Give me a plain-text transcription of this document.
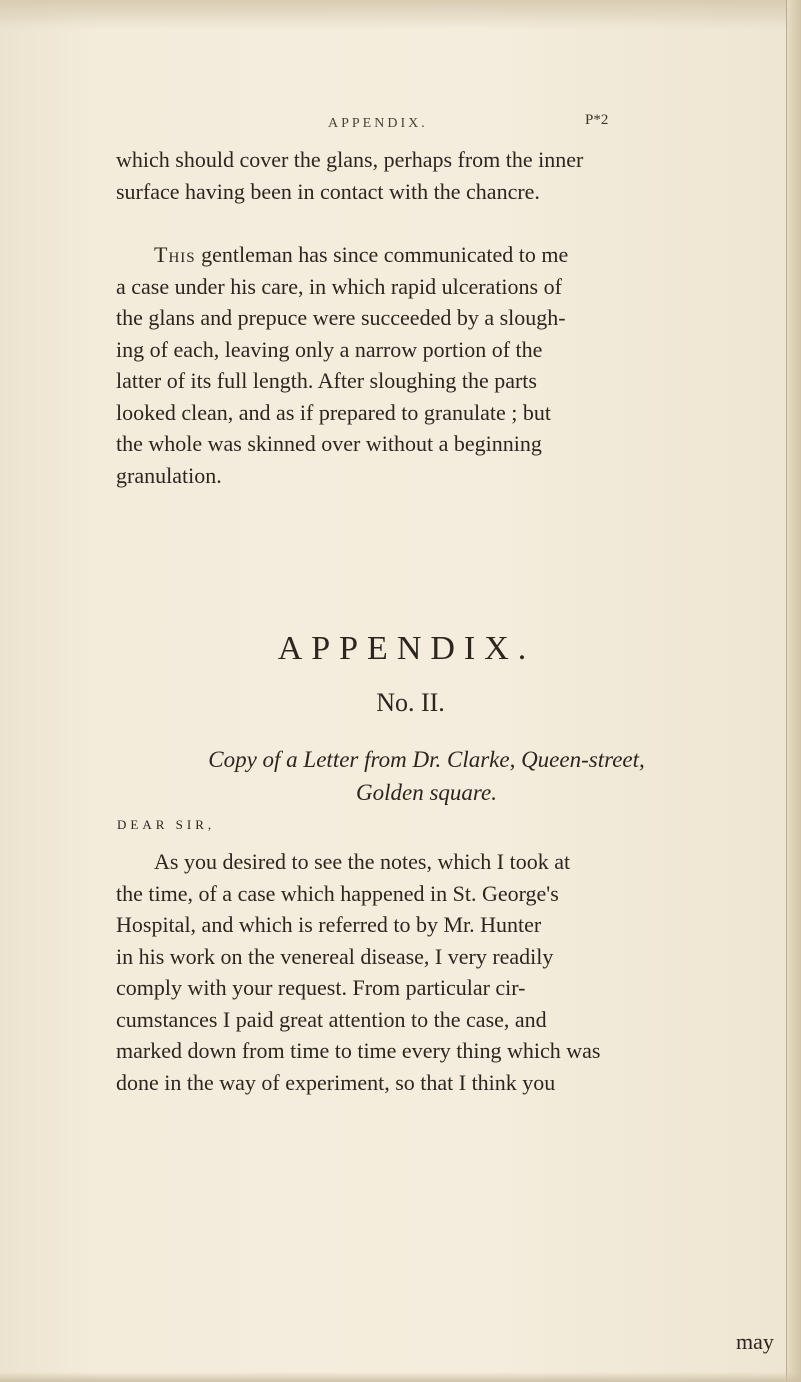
APPENDIX.	P*2
which should cover the glans, perhaps from the inner
surface having been in contact with the chancre.
This gentleman has since communicated to me
a case under his care, in which rapid ulcerations of
the glans and prepuce were succeeded by a slough-
ing of each, leaving only a narrow portion of the
latter of its full length. After sloughing the parts
looked clean, and as if prepared to granulate ; but
the whole was skinned over without a beginning
granulation.
APPENDIX.
No. II.
Copy of a Letter from Dr. Clarke, Queen-street,
Golden square.
DEAR SIR,
As you desired to see the notes, which I took at
the time, of a case which happened in St. George's
Hospital, and which is referred to by Mr. Hunter
in his work on the venereal disease, I very readily
comply with your request. From particular cir-
cumstances I paid great attention to the case, and
marked down from time to time every thing which was
done in the way of experiment, so that I think you
may
